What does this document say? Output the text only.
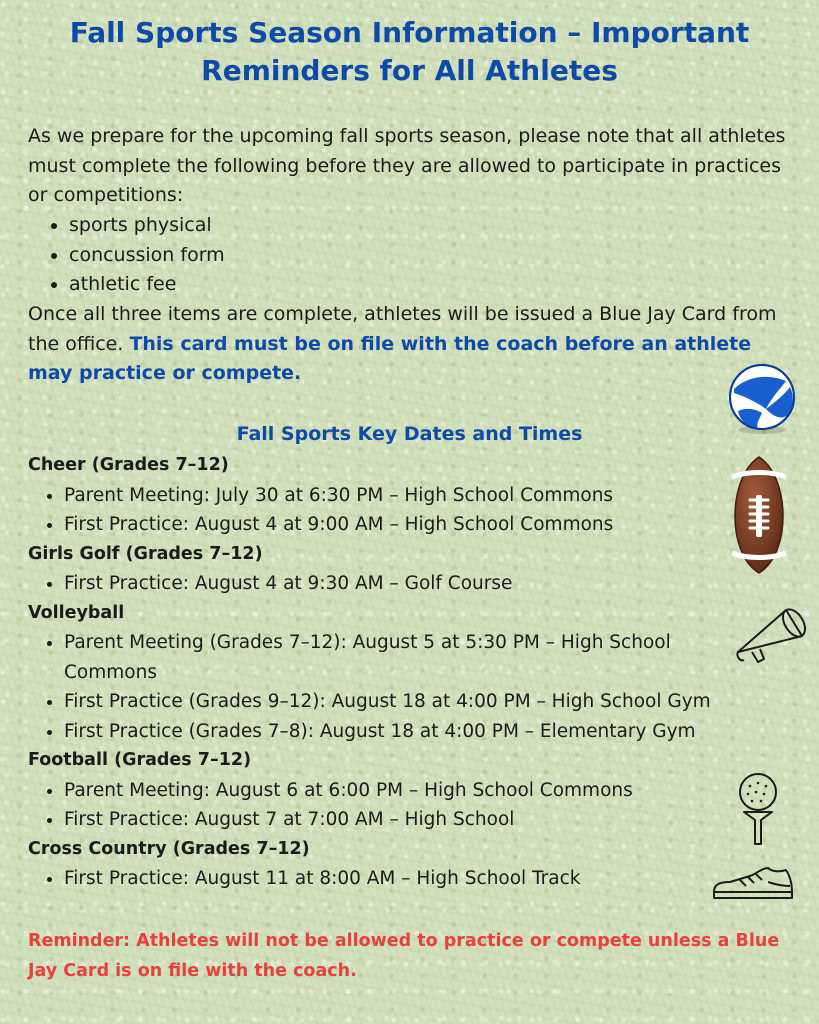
Fall Sports Season Information – Important Reminders for All Athletes

As we prepare for the upcoming fall sports season, please note that all athletes must complete the following before they are allowed to participate in practices or competitions:

• sports physical
• concussion form
• athletic fee

Once all three items are complete, athletes will be issued a Blue Jay Card from the office. This card must be on file with the coach before an athlete may practice or compete.

Fall Sports Key Dates and Times

Cheer (Grades 7–12)

• Parent Meeting: July 30 at 6:30 PM – High School Commons
• First Practice: August 4 at 9:00 AM – High School Commons

Girls Golf (Grades 7–12)

• First Practice: August 4 at 9:30 AM – Golf Course

Volleyball

• Parent Meeting (Grades 7–12): August 5 at 5:30 PM – High School Commons
• First Practice (Grades 9–12): August 18 at 4:00 PM – High School Gym
• First Practice (Grades 7–8): August 18 at 4:00 PM – Elementary Gym

Football (Grades 7–12)

• Parent Meeting: August 6 at 6:00 PM – High School Commons
• First Practice: August 7 at 7:00 AM – High School

Cross Country (Grades 7–12)

• First Practice: August 11 at 8:00 AM – High School Track

Reminder: Athletes will not be allowed to practice or compete unless a Blue Jay Card is on file with the coach.
